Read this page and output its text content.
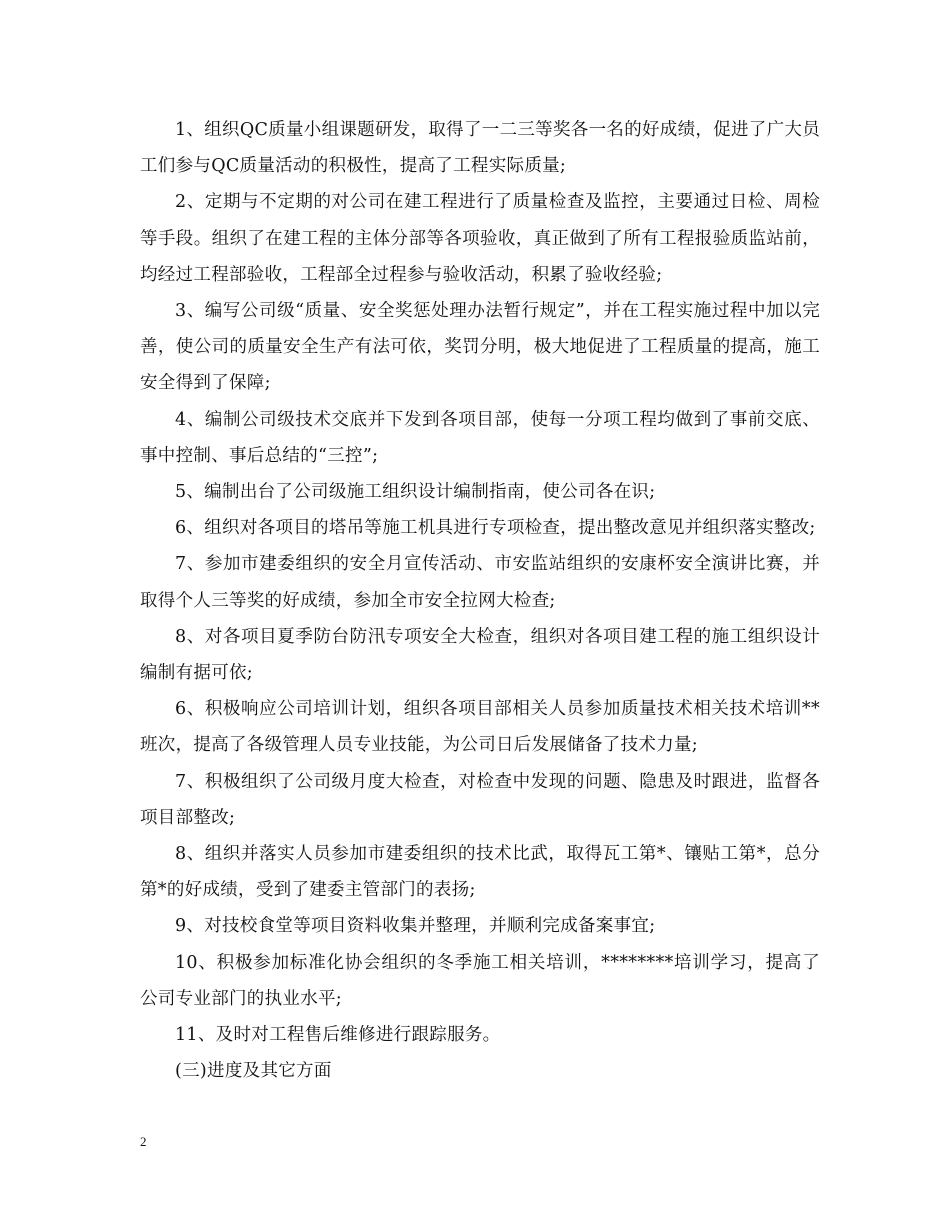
1、组织QC质量小组课题研发，取得了一二三等奖各一名的好成绩，促进了广大员工们参与QC质量活动的积极性，提高了工程实际质量;

2、定期与不定期的对公司在建工程进行了质量检查及监控，主要通过日检、周检等手段。组织了在建工程的主体分部等各项验收，真正做到了所有工程报验质监站前，均经过工程部验收，工程部全过程参与验收活动，积累了验收经验;

3、编写公司级“质量、安全奖惩处理办法暂行规定”，并在工程实施过程中加以完善，使公司的质量安全生产有法可依，奖罚分明，极大地促进了工程质量的提高，施工安全得到了保障;

4、编制公司级技术交底并下发到各项目部，使每一分项工程均做到了事前交底、事中控制、事后总结的“三控”;

5、编制出台了公司级施工组织设计编制指南，使公司各在识;

6、组织对各项目的塔吊等施工机具进行专项检查，提出整改意见并组织落实整改;

7、参加市建委组织的安全月宣传活动、市安监站组织的安康杯安全演讲比赛，并取得个人三等奖的好成绩，参加全市安全拉网大检查;

8、对各项目夏季防台防汛专项安全大检查，组织对各项目建工程的施工组织设计编制有据可依;

6、积极响应公司培训计划，组织各项目部相关人员参加质量技术相关技术培训**班次，提高了各级管理人员专业技能，为公司日后发展储备了技术力量;

7、积极组织了公司级月度大检查，对检查中发现的问题、隐患及时跟进，监督各项目部整改;

8、组织并落实人员参加市建委组织的技术比武，取得瓦工第*、镶贴工第*，总分第*的好成绩，受到了建委主管部门的表扬;

9、对技校食堂等项目资料收集并整理，并顺利完成备案事宜;

10、积极参加标准化协会组织的冬季施工相关培训，********培训学习，提高了公司专业部门的执业水平;

11、及时对工程售后维修进行跟踪服务。

(三)进度及其它方面

2
